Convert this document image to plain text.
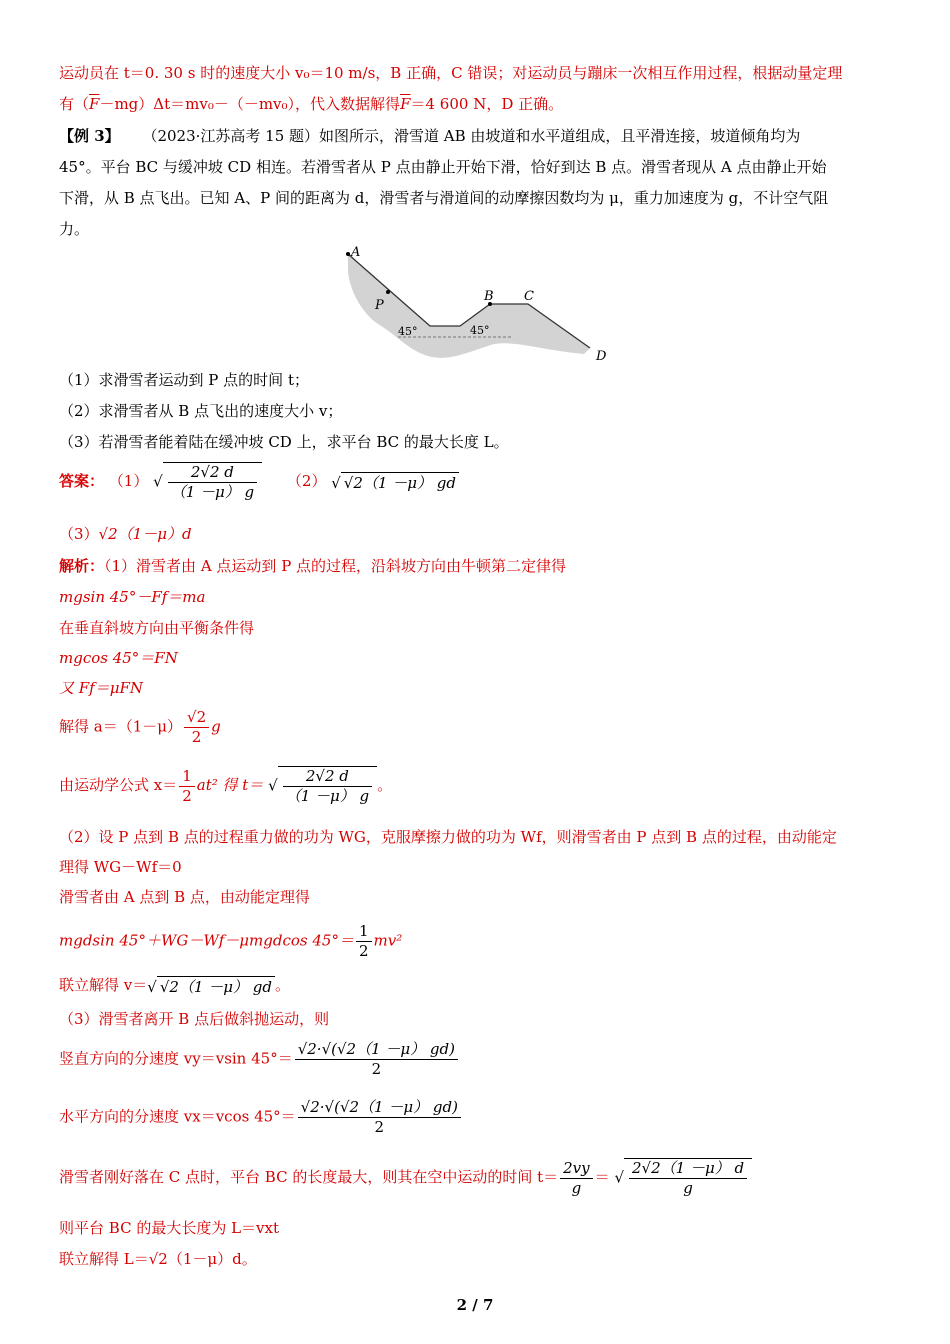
运动员在 t＝0. 30 s 时的速度大小 v₀＝10 m/s，B 正确，C 错误；对运动员与蹦床一次相互作用过程，根据动量定理
有$(\overline{F}-mg)\Delta t=mv_0-(-mv_0)$，代入数据解得$\overline{F}=4$ 600 N，D 正确。
【例 3】 （2023·江苏高考 15 题）如图所示，滑雪道 AB 由坡道和水平道组成，且平滑连接，坡道倾角均为
45°。平台 BC 与缓冲坡 CD 相连。若滑雪者从 P 点由静止开始下滑，恰好到达 B 点。滑雪者现从 A 点由静止开始
下滑，从 B 点飞出。已知 A、P 间的距离为 d，滑雪者与滑道间的动摩擦因数均为 μ，重力加速度为 g，不计空气阻
力。
A
P
B C
D
45°	45°
（1）求滑雪者运动到 P 点的时间 t；
（2）求滑雪者从 B 点飞出的速度大小 v；
（3）若滑雪者能着陆在缓冲坡 CD 上，求平台 BC 的最大长度 L。
答案： （1） √ $\frac{2√2 d}{(1 -\mu) g} (2)$ √ √2（1 －μ） gd
（3）√2（1－μ）d
解析：（1）滑雪者由 A 点运动到 P 点的过程，沿斜坡方向由牛顿第二定律得
mgsin 45°－Ff＝ma
在垂直斜坡方向由平衡条件得
mgcos 45°＝FN
又 Ff＝μFN
解得 $a=(1-\mu) \frac{√2}{2}$ g
由运动学公式 $x= \frac{1}{2} at^2$ 得 t＝ √ $\frac{2√2 d}{(1 -\mu) g}$ 。
（2）设 P 点到 B 点的过程重力做的功为 WG，克服摩擦力做的功为 Wf，则滑雪者由 P 点到 B 点的过程，由动能定
理得 WG－Wf＝0
滑雪者由 A 点到 B 点，由动能定理得
mgdsin 45°＋WG－Wf－μmgdcos $45^\circ= \frac{1}{2} mv^2$
联立解得 v＝√ √2（1 －μ） gd 。
（3）滑雪者离开 B 点后做斜抛运动，则
竖直方向的分速度 vy＝vsin $45^\circ= \frac{√2\cdot√(√2(1 -\mu) gd)}{2}$
水平方向的分速度 vx＝vcos $45^\circ= \frac{√2\cdot√(√2(1 -\mu) gd)}{2}$
滑雪者刚好落在 C 点时，平台 BC 的长度最大，则其在空中运动的时间 $t= \frac{2vy}{g}$ ＝ √ $\frac{2√2(1 -\mu) d}{g}$
则平台 BC 的最大长度为 L＝vxt
联立解得 L＝√2（1－μ）d。
2 / 7
